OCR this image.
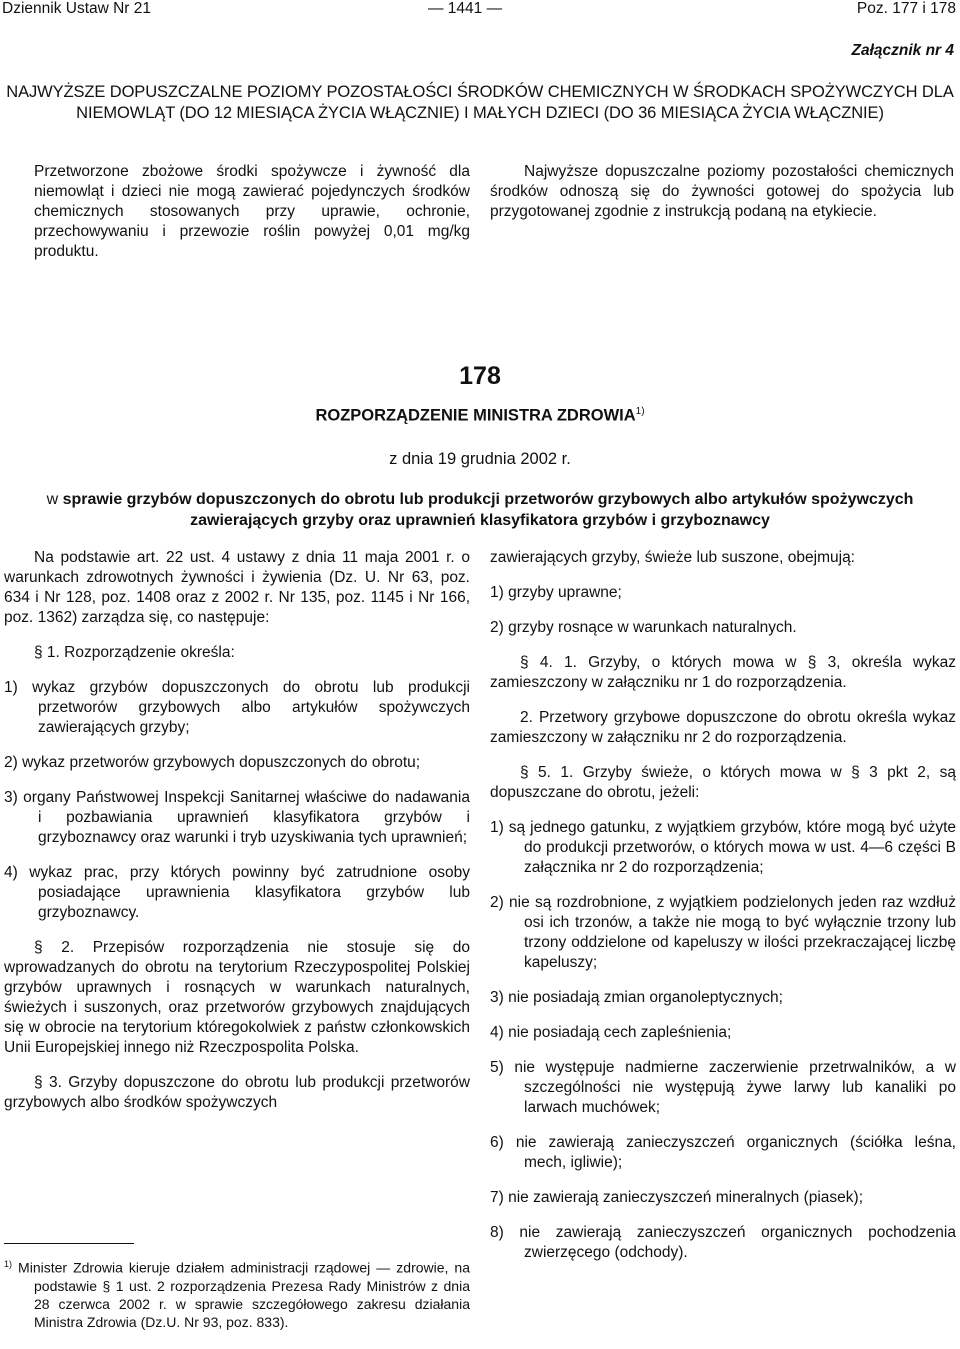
Dziennik Ustaw Nr 21	— 1441 —	Poz. 177 i 178
Załącznik nr 4
NAJWYŻSZE DOPUSZCZALNE POZIOMY POZOSTAŁOŚCI ŚRODKÓW CHEMICZNYCH W ŚRODKACH SPOŻYWCZYCH DLA NIEMOWLĄT (DO 12 MIESIĄCA ŻYCIA WŁĄCZNIE) I MAŁYCH DZIECI (DO 36 MIESIĄCA ŻYCIA WŁĄCZNIE)
Przetworzone zbożowe środki spożywcze i żywność dla niemowląt i dzieci nie mogą zawierać pojedynczych środków chemicznych stosowanych przy uprawie, ochronie, przechowywaniu i przewozie roślin powyżej 0,01 mg/kg produktu.
Najwyższe dopuszczalne poziomy pozostałości chemicznych środków odnoszą się do żywności gotowej do spożycia lub przygotowanej zgodnie z instrukcją podaną na etykiecie.
178
ROZPORZĄDZENIE MINISTRA ZDROWIA$^{1)}$
z dnia 19 grudnia 2002 r.
w sprawie grzybów dopuszczonych do obrotu lub produkcji przetworów grzybowych albo artykułów spożywczych zawierających grzyby oraz uprawnień klasyfikatora grzybów i grzyboznawcy

Na podstawie art. 22 ust. 4 ustawy z dnia 11 maja 2001 r. o warunkach zdrowotnych żywności i żywienia (Dz. U. Nr 63, poz. 634 i Nr 128, poz. 1408 oraz z 2002 r. Nr 135, poz. 1145 i Nr 166, poz. 1362) zarządza się, co następuje:

§ 1. Rozporządzenie określa:

1) wykaz grzybów dopuszczonych do obrotu lub produkcji przetworów grzybowych albo artykułów spożywczych zawierających grzyby;

2) wykaz przetworów grzybowych dopuszczonych do obrotu;

3) organy Państwowej Inspekcji Sanitarnej właściwe do nadawania i pozbawiania uprawnień klasyfikatora grzybów i grzyboznawcy oraz warunki i tryb uzyskiwania tych uprawnień;

4) wykaz prac, przy których powinny być zatrudnione osoby posiadające uprawnienia klasyfikatora grzybów lub grzyboznawcy.

§ 2. Przepisów rozporządzenia nie stosuje się do wprowadzanych do obrotu na terytorium Rzeczypospolitej Polskiej grzybów uprawnych i rosnących w warunkach naturalnych, świeżych i suszonych, oraz przetworów grzybowych znajdujących się w obrocie na terytorium któregokolwiek z państw członkowskich Unii Europejskiej innego niż Rzeczpospolita Polska.

§ 3. Grzyby dopuszczone do obrotu lub produkcji przetworów grzybowych albo środków spożywczych

$^{1)}$ Minister Zdrowia kieruje działem administracji rządowej — zdrowie, na podstawie § 1 ust. 2 rozporządzenia Prezesa Rady Ministrów z dnia 28 czerwca 2002 r. w sprawie szczegółowego zakresu działania Ministra Zdrowia (Dz.U. Nr 93, poz. 833).

zawierających grzyby, świeże lub suszone, obejmują:

1) grzyby uprawne;

2) grzyby rosnące w warunkach naturalnych.

§ 4. 1. Grzyby, o których mowa w § 3, określa wykaz zamieszczony w załączniku nr 1 do rozporządzenia.

2. Przetwory grzybowe dopuszczone do obrotu określa wykaz zamieszczony w załączniku nr 2 do rozporządzenia.

§ 5. 1. Grzyby świeże, o których mowa w § 3 pkt 2, są dopuszczane do obrotu, jeżeli:

1) są jednego gatunku, z wyjątkiem grzybów, które mogą być użyte do produkcji przetworów, o których mowa w ust. 4—6 części B załącznika nr 2 do rozporządzenia;

2) nie są rozdrobnione, z wyjątkiem podzielonych jeden raz wzdłuż osi ich trzonów, a także nie mogą to być wyłącznie trzony lub trzony oddzielone od kapeluszy w ilości przekraczającej liczbę kapeluszy;

3) nie posiadają zmian organoleptycznych;

4) nie posiadają cech zapleśnienia;

5) nie występuje nadmierne zaczerwienie przetrwalników, a w szczególności nie występują żywe larwy lub kanaliki po larwach muchówek;

6) nie zawierają zanieczyszczeń organicznych (ściółka leśna, mech, igliwie);

7) nie zawierają zanieczyszczeń mineralnych (piasek);

8) nie zawierają zanieczyszczeń organicznych pochodzenia zwierzęcego (odchody).
